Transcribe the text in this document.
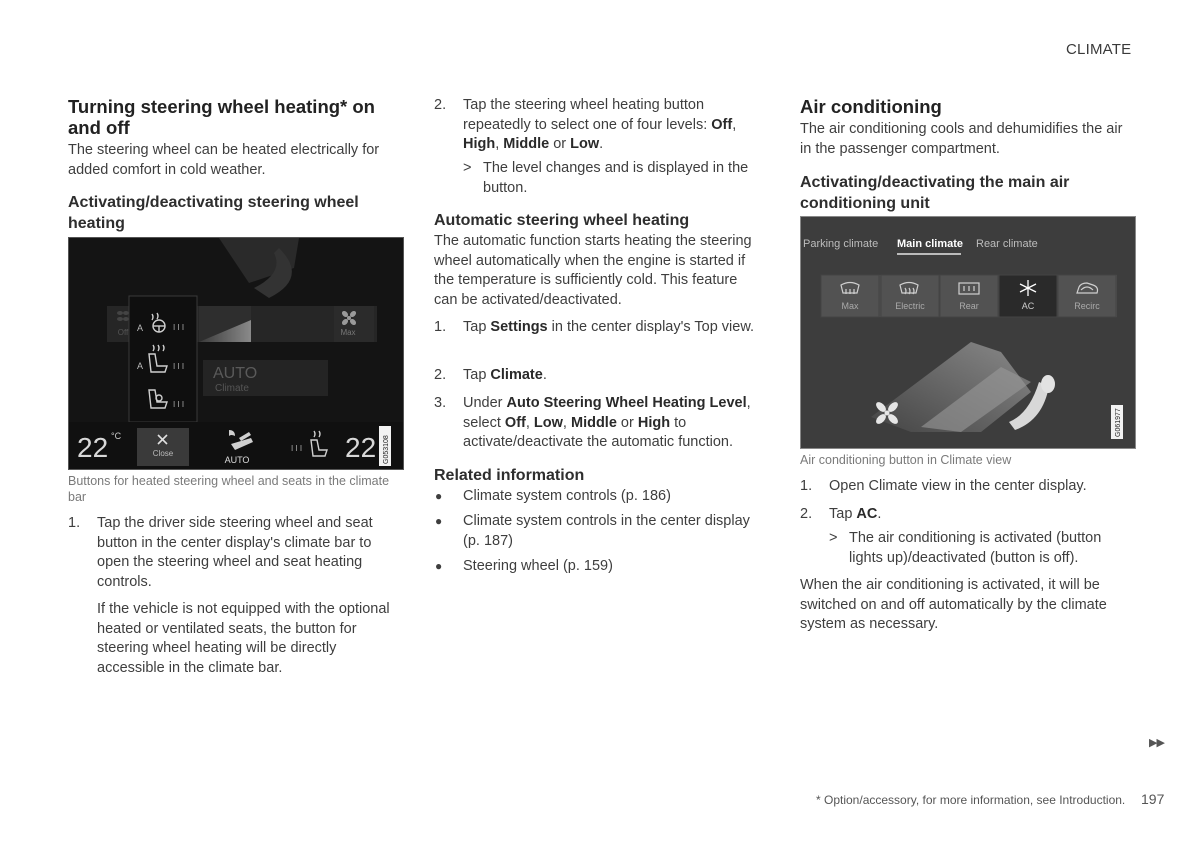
CLIMATE
Turning steering wheel heating* on and off
The steering wheel can be heated electrically for added comfort in cold weather.
Activating/deactivating steering wheel heating
Max
Off A	I I I
A	I I I
I I I
AUTO
Climate
22 °C
Close
AUTO
I I I 22 G053108
Buttons for heated steering wheel and seats in the climate bar
1. Tap the driver side steering wheel and seat button in the center display's climate bar to open the steering wheel and seat heating controls.
If the vehicle is not equipped with the optional heated or ventilated seats, the button for steering wheel heating will be directly accessible in the climate bar.
2. Tap the steering wheel heating button repeatedly to select one of four levels: Off, High, Middle or Low.
> The level changes and is displayed in the button.
Automatic steering wheel heating
The automatic function starts heating the steering wheel automatically when the engine is started if the temperature is sufficiently cold. This feature can be activated/deactivated.
1. Tap Settings in the center display's Top view.
2. Tap Climate.
3. Under Auto Steering Wheel Heating Level, select Off, Low, Middle or High to activate/deactivate the automatic function.
Related information
● Climate system controls (p. 186)
● Climate system controls in the center display (p. 187)
● Steering wheel (p. 159)
Air conditioning
The air conditioning cools and dehumidifies the air in the passenger compartment.
Activating/deactivating the main air conditioning unit
Parking climate Main climate Rear climate
Max	Electric	Rear	AC	Recirc
G061977
Air conditioning button in Climate view
1. Open Climate view in the center display.
2. Tap AC.
> The air conditioning is activated (button lights up)/deactivated (button is off).
When the air conditioning is activated, it will be switched on and off automatically by the climate system as necessary.
▶▶
* Option/accessory, for more information, see Introduction. 197
